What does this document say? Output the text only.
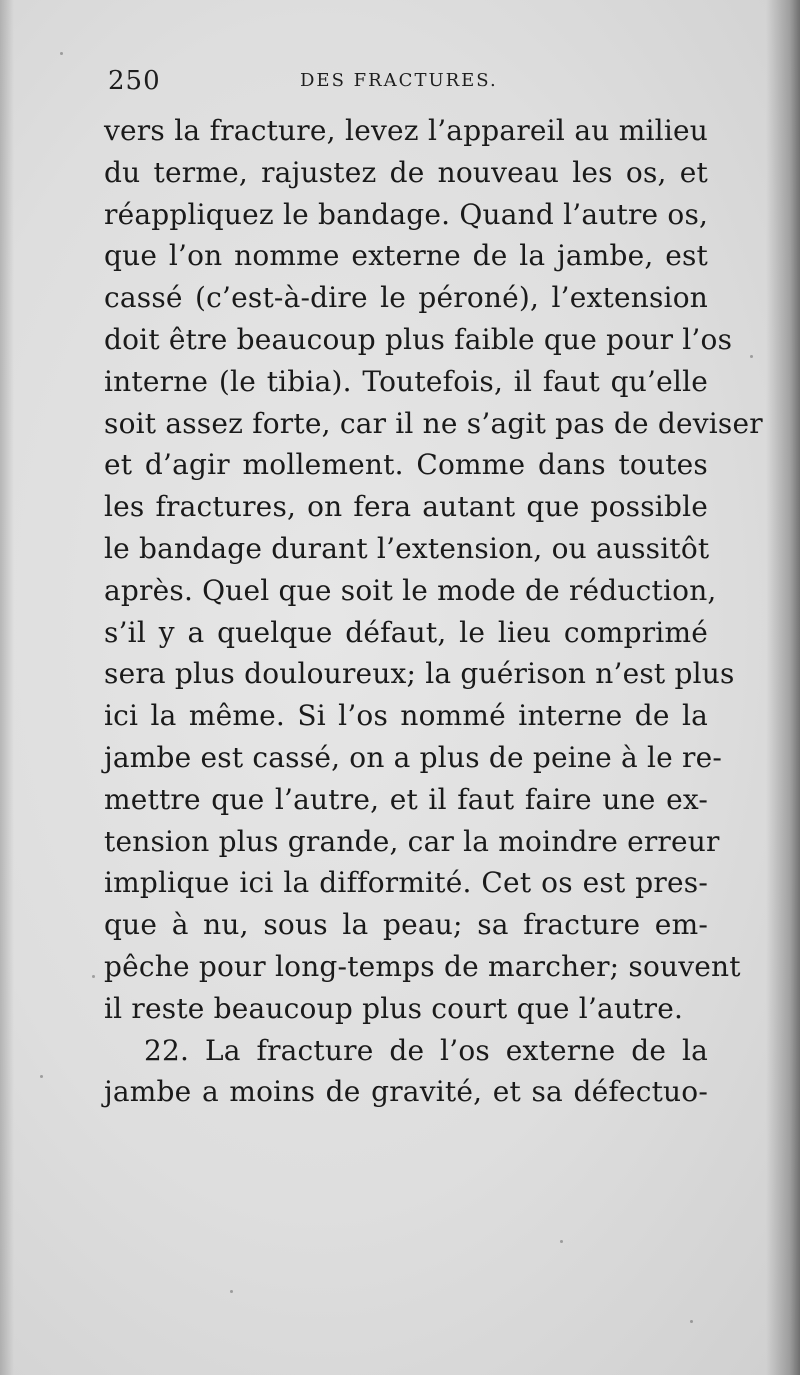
250	DES FRACTURES.
vers la fracture, levez l’appareil au milieu
du terme, rajustez de nouveau les os, et
réappliquez le bandage. Quand l’autre os,
que l’on nomme externe de la jambe, est
cassé (c’est-à-dire le péroné), l’extension
doit être beaucoup plus faible que pour l’os
interne (le tibia). Toutefois, il faut qu’elle
soit assez forte, car il ne s’agit pas de deviser
et d’agir mollement. Comme dans toutes
les fractures, on fera autant que possible
le bandage durant l’extension, ou aussitôt
après. Quel que soit le mode de réduction,
s’il y a quelque défaut, le lieu comprimé
sera plus douloureux; la guérison n’est plus
ici la même. Si l’os nommé interne de la
jambe est cassé, on a plus de peine à le re-
mettre que l’autre, et il faut faire une ex-
tension plus grande, car la moindre erreur
implique ici la difformité. Cet os est pres-
que à nu, sous la peau; sa fracture em-
pêche pour long-temps de marcher; souvent
il reste beaucoup plus court que l’autre.
22. La fracture de l’os externe de la
jambe a moins de gravité, et sa défectuo-
